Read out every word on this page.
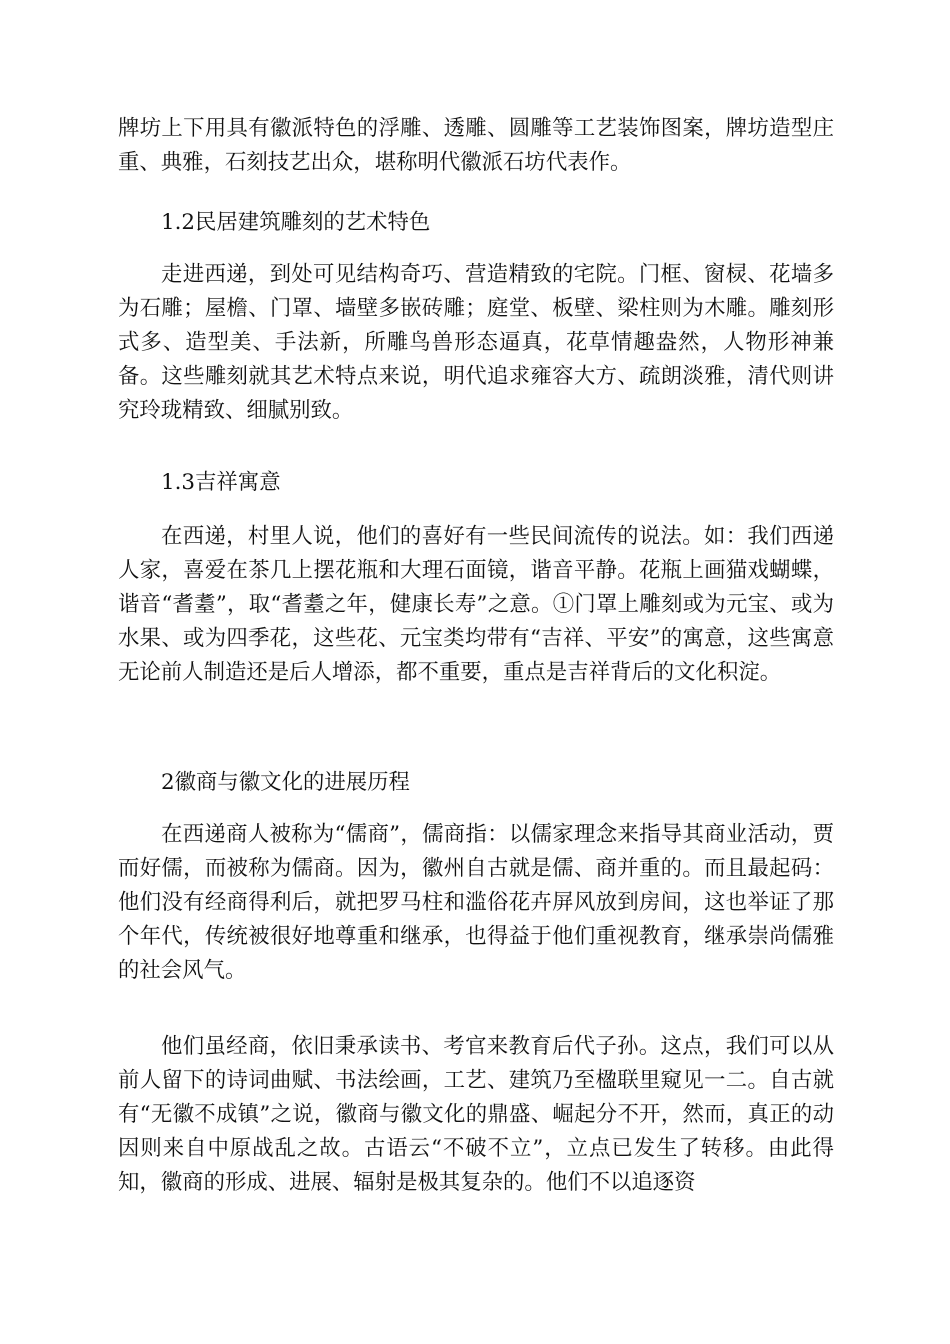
牌坊上下用具有徽派特色的浮雕、透雕、圆雕等工艺装饰图案，牌坊造型庄重、典雅，石刻技艺出众，堪称明代徽派石坊代表作。
1.2民居建筑雕刻的艺术特色
走进西递，到处可见结构奇巧、营造精致的宅院。门框、窗棂、花墙多为石雕；屋檐、门罩、墙壁多嵌砖雕；庭堂、板壁、梁柱则为木雕。雕刻形式多、造型美、手法新，所雕鸟兽形态逼真，花草情趣盎然，人物形神兼备。这些雕刻就其艺术特点来说，明代追求雍容大方、疏朗淡雅，清代则讲究玲珑精致、细腻别致。
1.3吉祥寓意
在西递，村里人说，他们的喜好有一些民间流传的说法。如：我们西递人家，喜爱在茶几上摆花瓶和大理石面镜，谐音平静。花瓶上画猫戏蝴蝶，谐音“耆耋”，取“耆耋之年，健康长寿”之意。①门罩上雕刻或为元宝、或为水果、或为四季花，这些花、元宝类均带有“吉祥、平安”的寓意，这些寓意无论前人制造还是后人增添，都不重要，重点是吉祥背后的文化积淀。
2徽商与徽文化的进展历程
在西递商人被称为“儒商”，儒商指：以儒家理念来指导其商业活动，贾而好儒，而被称为儒商。因为，徽州自古就是儒、商并重的。而且最起码：他们没有经商得利后，就把罗马柱和滥俗花卉屏风放到房间，这也举证了那个年代，传统被很好地尊重和继承，也得益于他们重视教育，继承崇尚儒雅的社会风气。
他们虽经商，依旧秉承读书、考官来教育后代子孙。这点，我们可以从前人留下的诗词曲赋、书法绘画，工艺、建筑乃至楹联里窥见一二。自古就有“无徽不成镇”之说，徽商与徽文化的鼎盛、崛起分不开，然而，真正的动因则来自中原战乱之故。古语云“不破不立”，立点已发生了转移。由此得知，徽商的形成、进展、辐射是极其复杂的。他们不以追逐资
